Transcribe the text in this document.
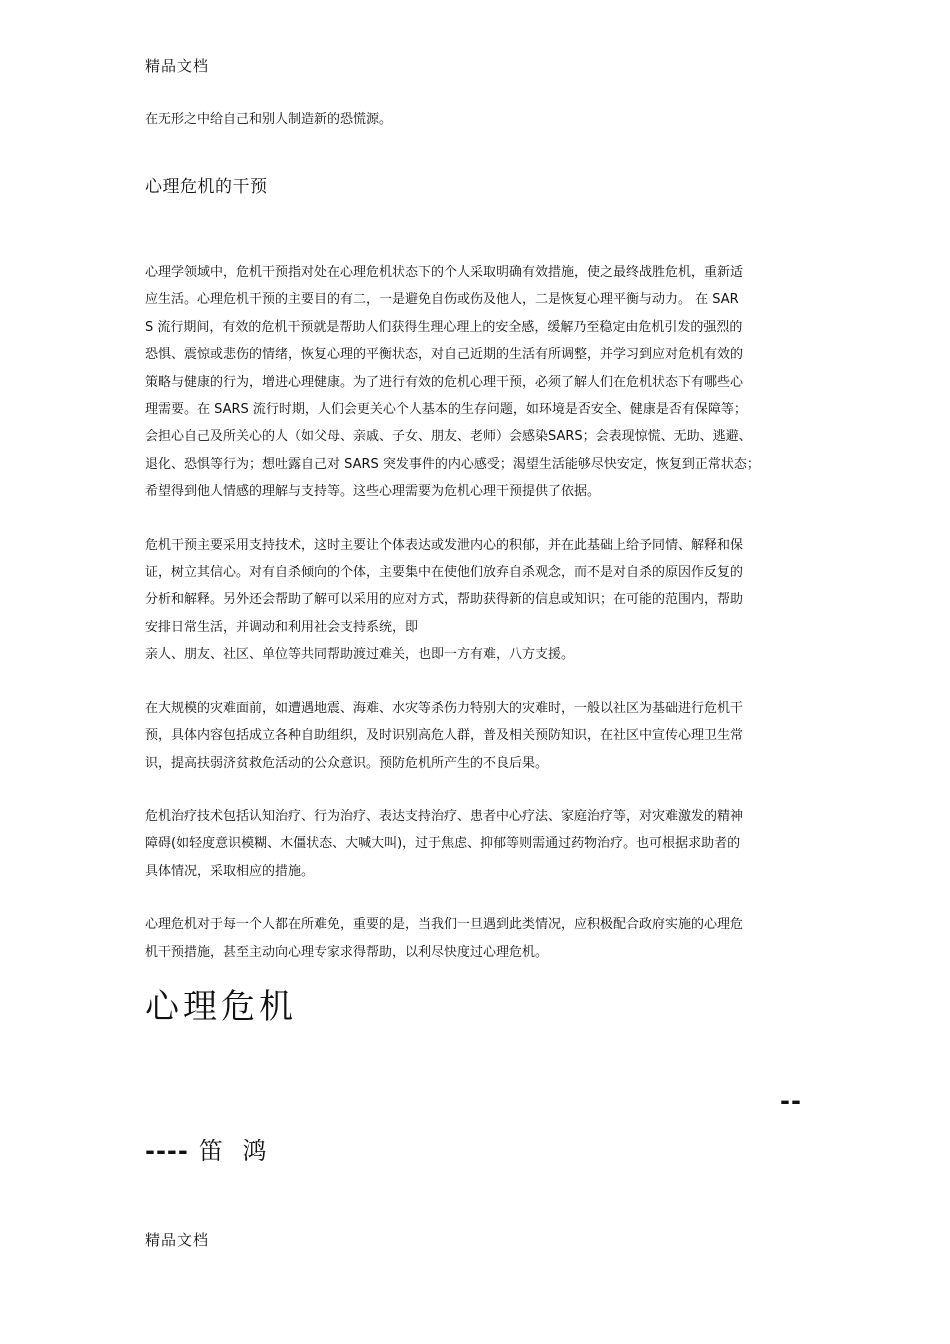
精品文档

在无形之中给自己和别人制造新的恐慌源。

心理危机的干预

心理学领域中，危机干预指对处在心理危机状态下的个人采取明确有效措施，使之最终战胜危机，重新适
应生活。心理危机干预的主要目的有二，一是避免自伤或伤及他人，二是恢复心理平衡与动力。 在 SAR
S 流行期间，有效的危机干预就是帮助人们获得生理心理上的安全感，缓解乃至稳定由危机引发的强烈的
恐惧、震惊或悲伤的情绪，恢复心理的平衡状态，对自己近期的生活有所调整，并学习到应对危机有效的
策略与健康的行为，增进心理健康。为了进行有效的危机心理干预，必须了解人们在危机状态下有哪些心
理需要。在 SARS 流行时期，人们会更关心个人基本的生存问题，如环境是否安全、健康是否有保障等；
会担心自己及所关心的人（如父母、亲戚、子女、朋友、老师）会感染SARS；会表现惊慌、无助、逃避、
退化、恐惧等行为；想吐露自己对 SARS 突发事件的内心感受；渴望生活能够尽快安定，恢复到正常状态；
希望得到他人情感的理解与支持等。这些心理需要为危机心理干预提供了依据。

危机干预主要采用支持技术，这时主要让个体表达或发泄内心的积郁，并在此基础上给予同情、解释和保
证，树立其信心。对有自杀倾向的个体，主要集中在使他们放弃自杀观念，而不是对自杀的原因作反复的
分析和解释。另外还会帮助了解可以采用的应对方式，帮助获得新的信息或知识；在可能的范围内，帮助
安排日常生活，并调动和利用社会支持系统，即
亲人、朋友、社区、单位等共同帮助渡过难关，也即一方有难，八方支援。

在大规模的灾难面前，如遭遇地震、海难、水灾等杀伤力特别大的灾难时，一般以社区为基础进行危机干
预，具体内容包括成立各种自助组织，及时识别高危人群，普及相关预防知识，在社区中宣传心理卫生常
识，提高扶弱济贫救危活动的公众意识。预防危机所产生的不良后果。

危机治疗技术包括认知治疗、行为治疗、表达支持治疗、患者中心疗法、家庭治疗等，对灾难激发的精神
障碍(如轻度意识模糊、木僵状态、大喊大叫)，过于焦虑、抑郁等则需通过药物治疗。也可根据求助者的
具体情况，采取相应的措施。

心理危机对于每一个人都在所难免，重要的是，当我们一旦遇到此类情况，应积极配合政府实施的心理危
机干预措施，甚至主动向心理专家求得帮助，以利尽快度过心理危机。

心理危机
--
---- 笛 鸿
精品文档
